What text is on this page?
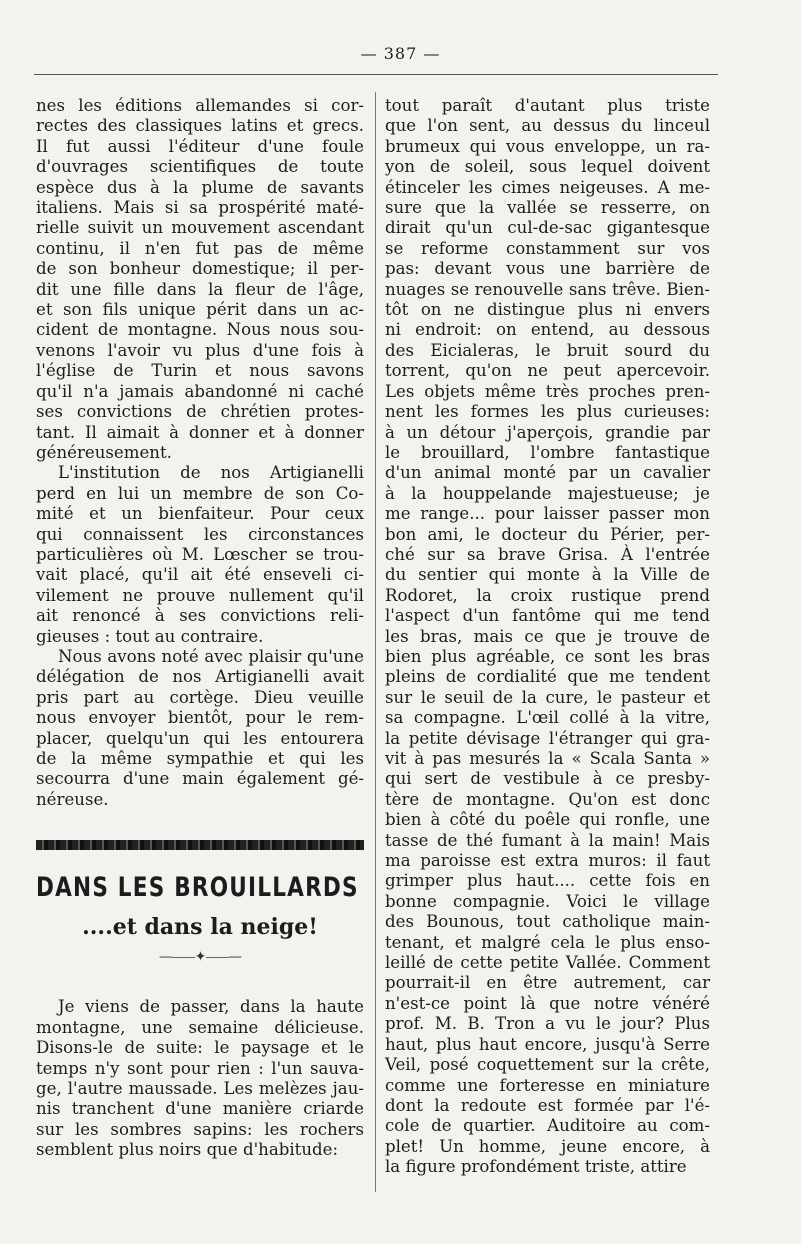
— 387 —
nes les éditions allemandes si cor-
rectes des classiques latins et grecs.
Il fut aussi l'éditeur d'une foule
d'ouvrages scientifiques de toute
espèce dus à la plume de savants
italiens. Mais si sa prospérité maté-
rielle suivit un mouvement ascendant
continu, il n'en fut pas de même
de son bonheur domestique; il per-
dit une fille dans la fleur de l'âge,
et son fils unique périt dans un ac-
cident de montagne. Nous nous sou-
venons l'avoir vu plus d'une fois à
l'église de Turin et nous savons
qu'il n'a jamais abandonné ni caché
ses convictions de chrétien protes-
tant. Il aimait à donner et à donner
généreusement.
L'institution de nos Artigianelli
perd en lui un membre de son Co-
mité et un bienfaiteur. Pour ceux
qui connaissent les circonstances
particulières où M. Lœscher se trou-
vait placé, qu'il ait été enseveli ci-
vilement ne prouve nullement qu'il
ait renoncé à ses convictions reli-
gieuses : tout au contraire.
Nous avons noté avec plaisir qu'une
délégation de nos Artigianelli avait
pris part au cortège. Dieu veuille
nous envoyer bientôt, pour le rem-
placer, quelqu'un qui les entourera
de la même sympathie et qui les
secourra d'une main également gé-
néreuse.
DANS LES BROUILLARDS
....et dans la neige!
—⸺✦⸺—
Je viens de passer, dans la haute
montagne, une semaine délicieuse.
Disons-le de suite: le paysage et le
temps n'y sont pour rien : l'un sauva-
ge, l'autre maussade. Les melèzes jau-
nis tranchent d'une manière criarde
sur les sombres sapins: les rochers
semblent plus noirs que d'habitude:
tout paraît d'autant plus triste
que l'on sent, au dessus du linceul
brumeux qui vous enveloppe, un ra-
yon de soleil, sous lequel doivent
étinceler les cimes neigeuses. A me-
sure que la vallée se resserre, on
dirait qu'un cul-de-sac gigantesque
se reforme constamment sur vos
pas: devant vous une barrière de
nuages se renouvelle sans trêve. Bien-
tôt on ne distingue plus ni envers
ni endroit: on entend, au dessous
des Eicialeras, le bruit sourd du
torrent, qu'on ne peut apercevoir.
Les objets même très proches pren-
nent les formes les plus curieuses:
à un détour j'aperçois, grandie par
le brouillard, l'ombre fantastique
d'un animal monté par un cavalier
à la houppelande majestueuse; je
me range... pour laisser passer mon
bon ami, le docteur du Périer, per-
ché sur sa brave Grisa. À l'entrée
du sentier qui monte à la Ville de
Rodoret, la croix rustique prend
l'aspect d'un fantôme qui me tend
les bras, mais ce que je trouve de
bien plus agréable, ce sont les bras
pleins de cordialité que me tendent
sur le seuil de la cure, le pasteur et
sa compagne. L'œil collé à la vitre,
la petite dévisage l'étranger qui gra-
vit à pas mesurés la « Scala Santa »
qui sert de vestibule à ce presby-
tère de montagne. Qu'on est donc
bien à côté du poêle qui ronfle, une
tasse de thé fumant à la main! Mais
ma paroisse est extra muros: il faut
grimper plus haut.... cette fois en
bonne compagnie. Voici le village
des Bounous, tout catholique main-
tenant, et malgré cela le plus enso-
leillé de cette petite Vallée. Comment
pourrait-il en être autrement, car
n'est-ce point là que notre vénéré
prof. M. B. Tron a vu le jour? Plus
haut, plus haut encore, jusqu'à Serre
Veil, posé coquettement sur la crête,
comme une forteresse en miniature
dont la redoute est formée par l'é-
cole de quartier. Auditoire au com-
plet! Un homme, jeune encore, à
la figure profondément triste, attire
